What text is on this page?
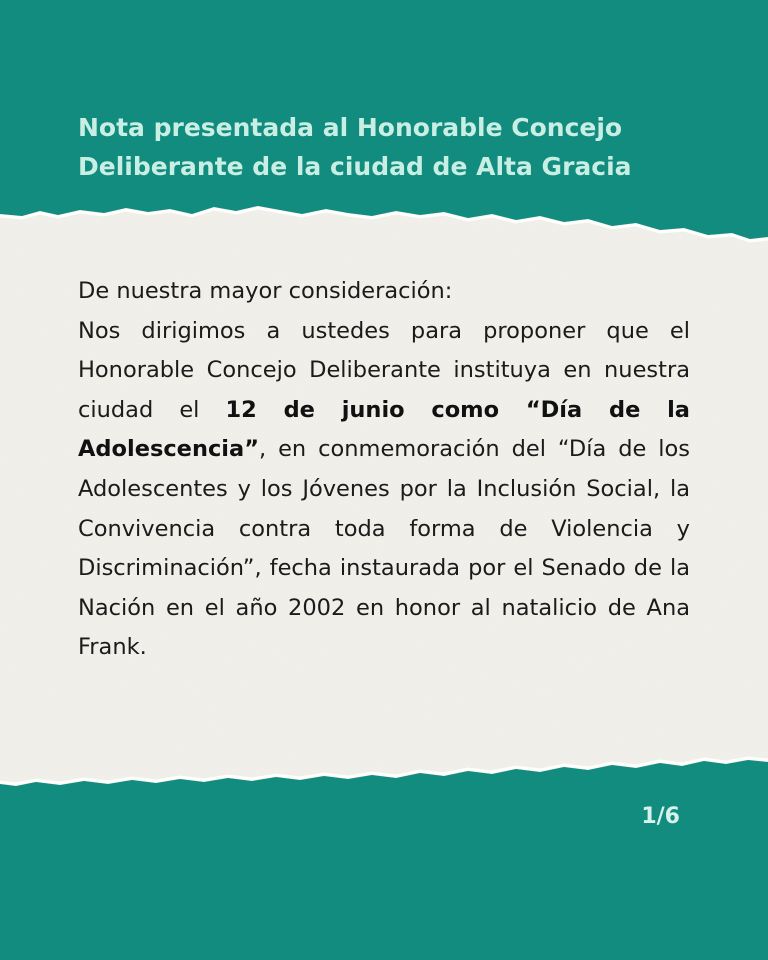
Nota presentada al Honorable Concejo
Deliberante de la ciudad de Alta Gracia

De nuestra mayor consideración:

Nos dirigimos a ustedes para proponer que el Honorable Concejo Deliberante instituya en nuestra ciudad el 12 de junio como “Día de la Adolescencia”, en conmemoración del “Día de los Adolescentes y los Jóvenes por la Inclusión Social, la Convivencia contra toda forma de Violencia y Discriminación”, fecha instaurada por el Senado de la Nación en el año 2002 en honor al natalicio de Ana Frank.

1/6
